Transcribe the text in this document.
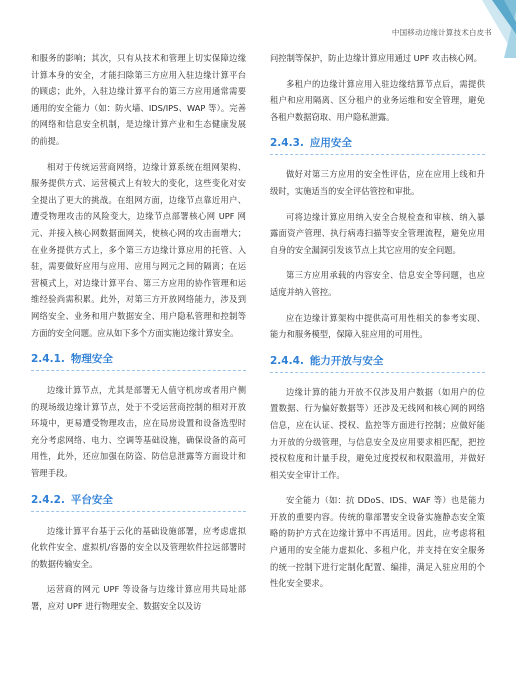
中国移动边缘计算技术白皮书

和服务的影响；其次，只有从技术和管理上切实保障边缘计算本身的安全，才能扫除第三方应用入驻边缘计算平台的顾虑；此外，入驻边缘计算平台的第三方应用通常需要通用的安全能力（如：防火墙、IDS/IPS、WAP 等）。完善的网络和信息安全机制，是边缘计算产业和生态健康发展的前提。

相对于传统运营商网络，边缘计算系统在组网架构、服务提供方式、运营模式上有较大的变化，这些变化对安全提出了更大的挑战。在组网方面，边缘节点靠近用户、遭受物理攻击的风险变大，边缘节点部署核心网 UPF 网元、并接入核心网数据面网关，使核心网的攻击面增大；在业务提供方式上，多个第三方边缘计算应用的托管、入驻，需要做好应用与应用、应用与网元之间的隔离；在运营模式上，对边缘计算平台、第三方应用的协作管理和运维经验尚需积累。此外，对第三方开放网络能力，涉及到网络安全、业务和用户数据安全、用户隐私管理和控制等方面的安全问题。应从如下多个方面实施边缘计算安全。

2.4.1. 物理安全

边缘计算节点，尤其是部署无人值守机房或者用户侧的现场级边缘计算节点，处于不受运营商控制的相对开放环境中，更易遭受物理攻击，应在局房设置和设备选型时充分考虑网络、电力、空调等基础设施，确保设备的高可用性，此外，还应加强在防盗、防信息泄露等方面设计和管理手段。

2.4.2. 平台安全

边缘计算平台基于云化的基础设施部署，应考虑虚拟化软件安全、虚拟机/容器的安全以及管理软件拉远部署时的数据传输安全。

运营商的网元 UPF 等设备与边缘计算应用共局址部署，应对 UPF 进行物理安全、数据安全以及访

问控制等保护，防止边缘计算应用通过 UPF 攻击核心网。

多租户的边缘计算应用入驻边缘结算节点后，需提供租户和应用隔离、区分租户的业务运维和安全管理，避免各租户数据窃取、用户隐私泄露。

2.4.3. 应用安全

做好对第三方应用的安全性评估，应在应用上线和升级时，实施适当的安全评估管控和审批。

可将边缘计算应用纳入安全合规检查和审核、纳入暴露面资产管理、执行病毒扫描等安全管理流程，避免应用自身的安全漏洞引发该节点上其它应用的安全问题。

第三方应用承载的内容安全、信息安全等问题，也应适度并纳入管控。

应在边缘计算架构中提供高可用性相关的参考实现、能力和服务模型，保障入驻应用的可用性。

2.4.4. 能力开放与安全

边缘计算的能力开放不仅涉及用户数据（如用户的位置数据、行为偏好数据等）还涉及无线网和核心网的网络信息，应在认证、授权、监控等方面进行控制；应做好能力开放的分级管理，与信息安全及应用要求相匹配，把控授权粒度和计量手段，避免过度授权和权限滥用，并做好相关安全审计工作。

安全能力（如：抗 DDoS、IDS、WAF 等）也是能力开放的重要内容。传统的靠部署安全设备实施静态安全策略的防护方式在边缘计算中不再适用。因此，应考虑将租户通用的安全能力虚拟化、多租户化，并支持在安全服务的统一控制下进行定制化配置、编排，满足入驻应用的个性化安全要求。
